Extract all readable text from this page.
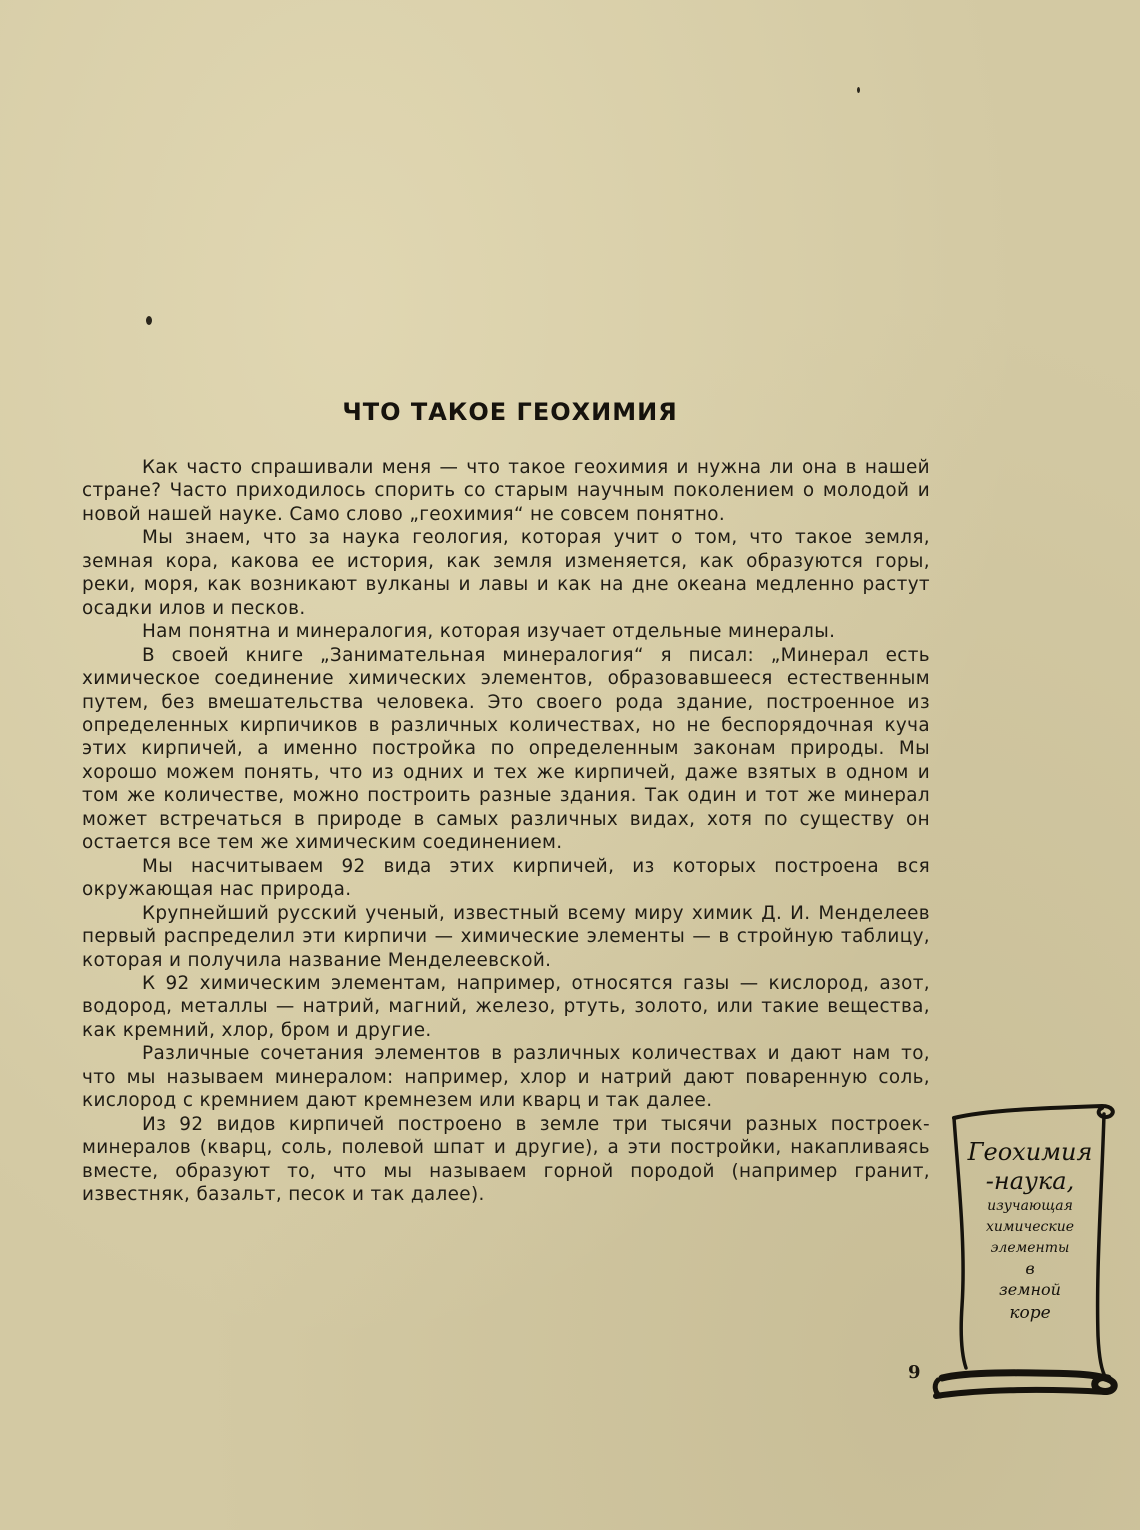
ЧТО ТАКОЕ ГЕОХИМИЯ

Как часто спрашивали меня — что такое геохимия и нужна ли она в нашей стране? Часто приходилось спорить со старым научным поколением о молодой и новой нашей науке. Само слово „геохимия“ не совсем понятно.

Мы знаем, что за наука геология, которая учит о том, что такое земля, земная кора, какова ее история, как земля изменяется, как образуются горы, реки, моря, как возникают вулканы и лавы и как на дне океана медленно растут осадки илов и песков.

Нам понятна и минералогия, которая изучает отдельные минералы.

В своей книге „Занимательная минералогия“ я писал: „Минерал есть химическое соединение химических элементов, образовавшееся естественным путем, без вмешательства человека. Это своего рода здание, построенное из определенных кирпичиков в различных количествах, но не беспорядочная куча этих кирпичей, а именно постройка по определенным законам природы. Мы хорошо можем понять, что из одних и тех же кирпичей, даже взятых в одном и том же количестве, можно построить разные здания. Так один и тот же минерал может встречаться в природе в самых различных видах, хотя по существу он остается все тем же химическим соединением.

Мы насчитываем 92 вида этих кирпичей, из которых построена вся окружающая нас природа.

Крупнейший русский ученый, известный всему миру химик Д. И. Менделеев первый распределил эти кирпичи — химические элементы — в стройную таблицу, которая и получила название Менделеевской.

К 92 химическим элементам, например, относятся газы — кислород, азот, водород, металлы — натрий, магний, железо, ртуть, золото, или такие вещества, как кремний, хлор, бром и другие.

Различные сочетания элементов в различных количествах и дают нам то, что мы называем минералом: например, хлор и натрий дают поваренную соль, кислород с кремнием дают кремнезем или кварц и так далее.

Из 92 видов кирпичей построено в земле три тысячи разных построек-минералов (кварц, соль, полевой шпат и другие), а эти постройки, накапливаясь вместе, образуют то, что мы называем горной породой (например гранит, известняк, базальт, песок и так далее).

Геохимия
-наука,
изучающая
химические
элементы
в
земной
коре
9
